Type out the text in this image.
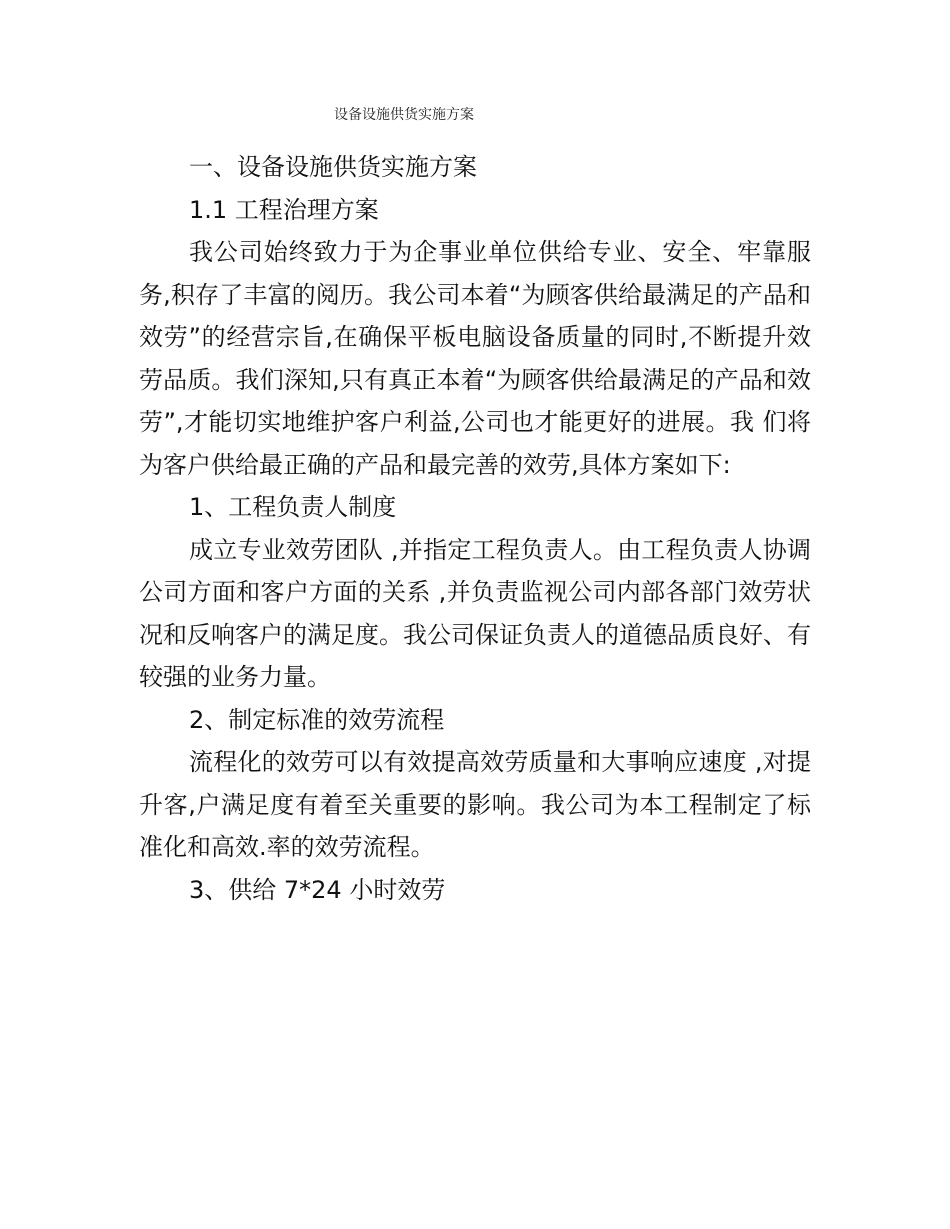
设备设施供货实施方案

一、设备设施供货实施方案

1.1 工程治理方案

我公司始终致力于为企事业单位供给专业、安全、牢靠服务,积存了丰富的阅历。我公司本着“为顾客供给最满足的产品和效劳”的经营宗旨,在确保平板电脑设备质量的同时,不断提升效劳品质。我们深知,只有真正本着“为顾客供给最满足的产品和效劳”,才能切实地维护客户利益,公司也才能更好的进展。我 们将为客户供给最正确的产品和最完善的效劳,具体方案如下:

1、工程负责人制度

成立专业效劳团队 ,并指定工程负责人。由工程负责人协调公司方面和客户方面的关系 ,并负责监视公司内部各部门效劳状况和反响客户的满足度。我公司保证负责人的道德品质良好、有较强的业务力量。

2、制定标准的效劳流程

流程化的效劳可以有效提高效劳质量和大事响应速度 ,对提升客,户满足度有着至关重要的影响。我公司为本工程制定了标准化和高效.率的效劳流程。

3、供给 7*24 小时效劳
